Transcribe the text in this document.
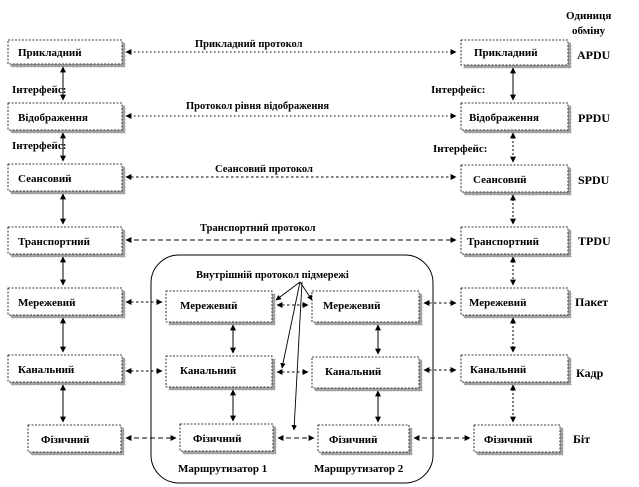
Прикладний
Відображення
Сеансовий
Транспортний
Мережевий
Канальний
Фізичний
Прикладний
Відображення
Сеансовий
Транспортний
Мережевий
Канальний
Фізичний
Мережевий
Канальний
Фізичний
Мережевий
Канальний
Фізичний
Прикладний протокол
Протокол рівня відображення
Сеансовий протокол
Транспортний протокол
Внутрішній протокол підмережі
Інтерфейс:
Інтерфейс:
Інтерфейс:
Інтерфейс:
Маршрутизатор 1	Маршрутизатор 2
Одиниця
обміну
APDU
PPDU
SPDU
TPDU
Пакет
Кадр
Біт
